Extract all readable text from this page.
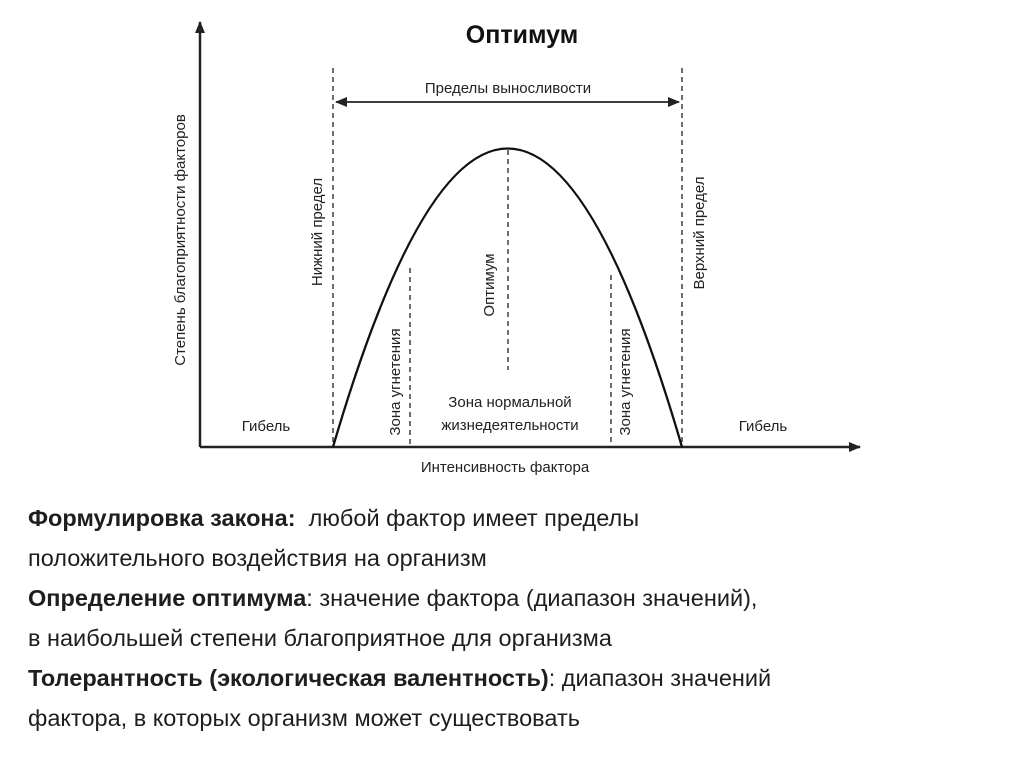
Оптимум
Пределы выносливости
Степень благоприятности факторов	Нижний предел	Верхний предел
Оптимум
Зона угнетения	Зона угнетения
Зона нормальной
жизнедеятельности
Гибель	Гибель
Интенсивность фактора

Формулировка закона:  любой фактор имеет пределы

положительного воздействия на организм

Определение оптимума: значение фактора (диапазон значений),

в наибольшей степени благоприятное для организма

Толерантность (экологическая валентность): диапазон значений

фактора, в которых организм может существовать
